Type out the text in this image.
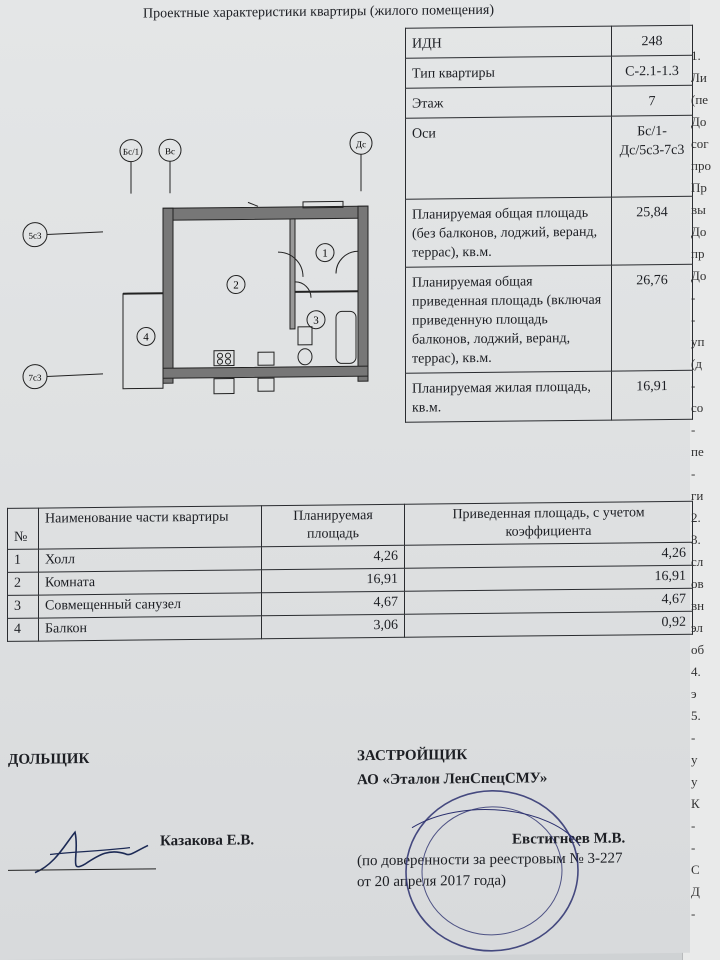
1.
Ли
(пе
До
сог
про
Пр
вы
До
пр
До
-
-
уп
(д
-
со
-
пе
-
ги
2.
3.
сл
ов
вн
эл
об
4.
э
5.
-
у
у
К
-
-
С
Д
-
Проектные характеристики квартиры (жилого помещения)
Бс/1	Вс
Дс
5с3
7с3
1
2
3
4
ИДН	248
Тип квартиры	С-2.1-1.3
Этаж	7
Оси	Бс/1-Дс/5с3-7с3
Планируемая общая площадь (без балконов, лоджий, веранд, террас), кв.м.	25,84
Планируемая общая приведенная площадь (включая приведенную площадь балконов, лоджий, веранд, террас), кв.м.	26,76
Планируемая жилая площадь, кв.м.	16,91
№	Наименование части квартиры	Планируемая площадь	Приведенная площадь, с учетом коэффициента
1	Холл	4,26	4,26
2	Комната	16,91	16,91
3	Совмещенный санузел	4,67	4,67
4	Балкон	3,06	0,92
ДОЛЬЩИК	ЗАСТРОЙЩИК
АО «Эталон ЛенСпецСМУ»
Казакова Е.В.	Евстигнеев М.В.
(по доверенности за реестровым № 3-227
от 20 апреля 2017 года)
